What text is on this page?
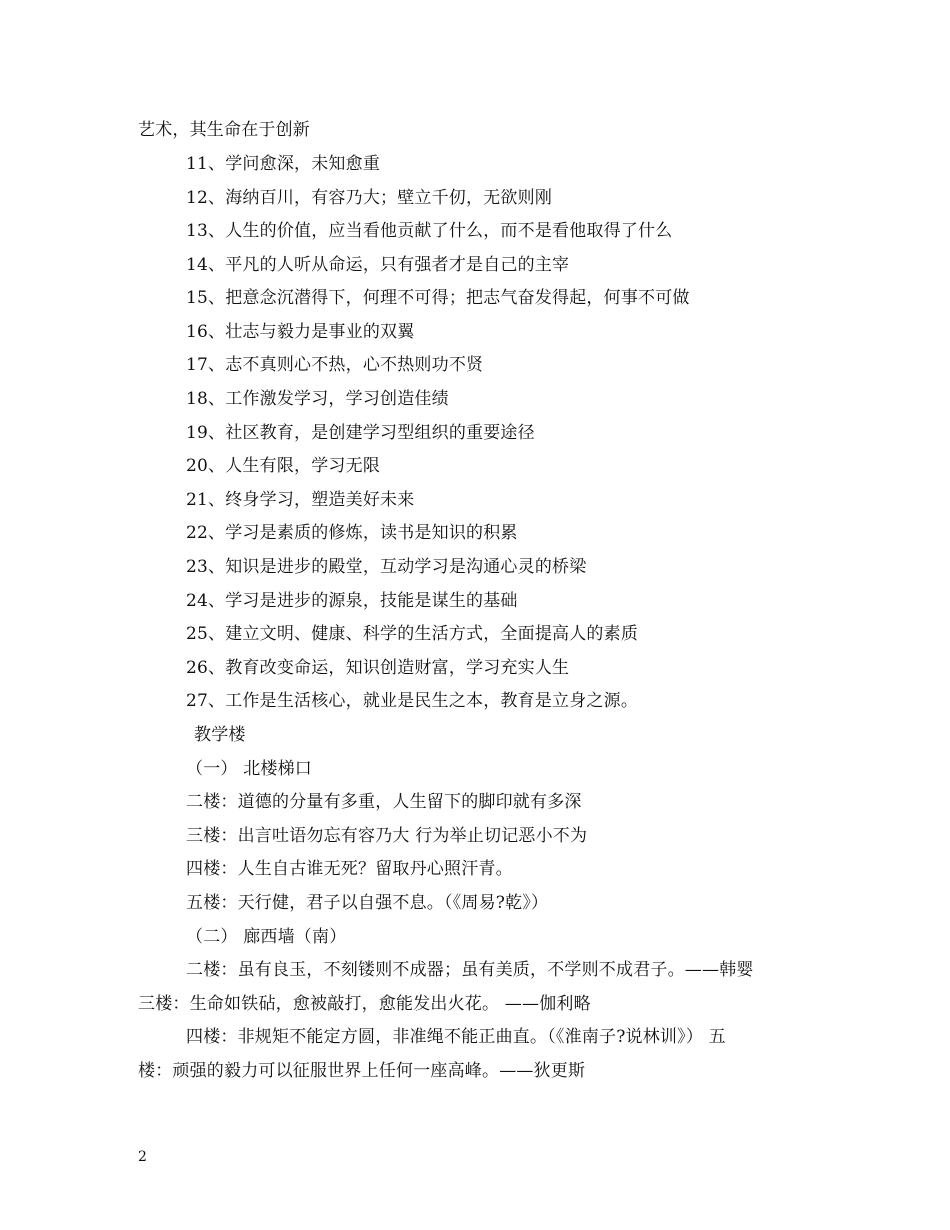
艺术，其生命在于创新
11、学问愈深，未知愈重
12、海纳百川，有容乃大；壁立千仞，无欲则刚
13、人生的价值，应当看他贡献了什么，而不是看他取得了什么
14、平凡的人听从命运，只有强者才是自己的主宰
15、把意念沉潜得下，何理不可得；把志气奋发得起，何事不可做
16、壮志与毅力是事业的双翼
17、志不真则心不热，心不热则功不贤
18、工作激发学习，学习创造佳绩
19、社区教育，是创建学习型组织的重要途径
20、人生有限，学习无限
21、终身学习，塑造美好未来
22、学习是素质的修炼，读书是知识的积累
23、知识是进步的殿堂，互动学习是沟通心灵的桥梁
24、学习是进步的源泉，技能是谋生的基础
25、建立文明、健康、科学的生活方式，全面提高人的素质
26、教育改变命运，知识创造财富，学习充实人生
27、工作是生活核心，就业是民生之本，教育是立身之源。
教学楼
（一） 北楼梯口
二楼：道德的分量有多重，人生留下的脚印就有多深
三楼：出言吐语勿忘有容乃大 行为举止切记恶小不为
四楼：人生自古谁无死？留取丹心照汗青。
五楼：天行健，君子以自强不息。（《周易?乾》）
（二） 廊西墙（南）
二楼：虽有良玉，不刻镂则不成器；虽有美质，不学则不成君子。——韩婴
三楼：生命如铁砧，愈被敲打，愈能发出火花。 ——伽利略
四楼：非规矩不能定方圆，非准绳不能正曲直。（《淮南子?说林训》） 五
楼：顽强的毅力可以征服世界上任何一座高峰。——狄更斯
2
